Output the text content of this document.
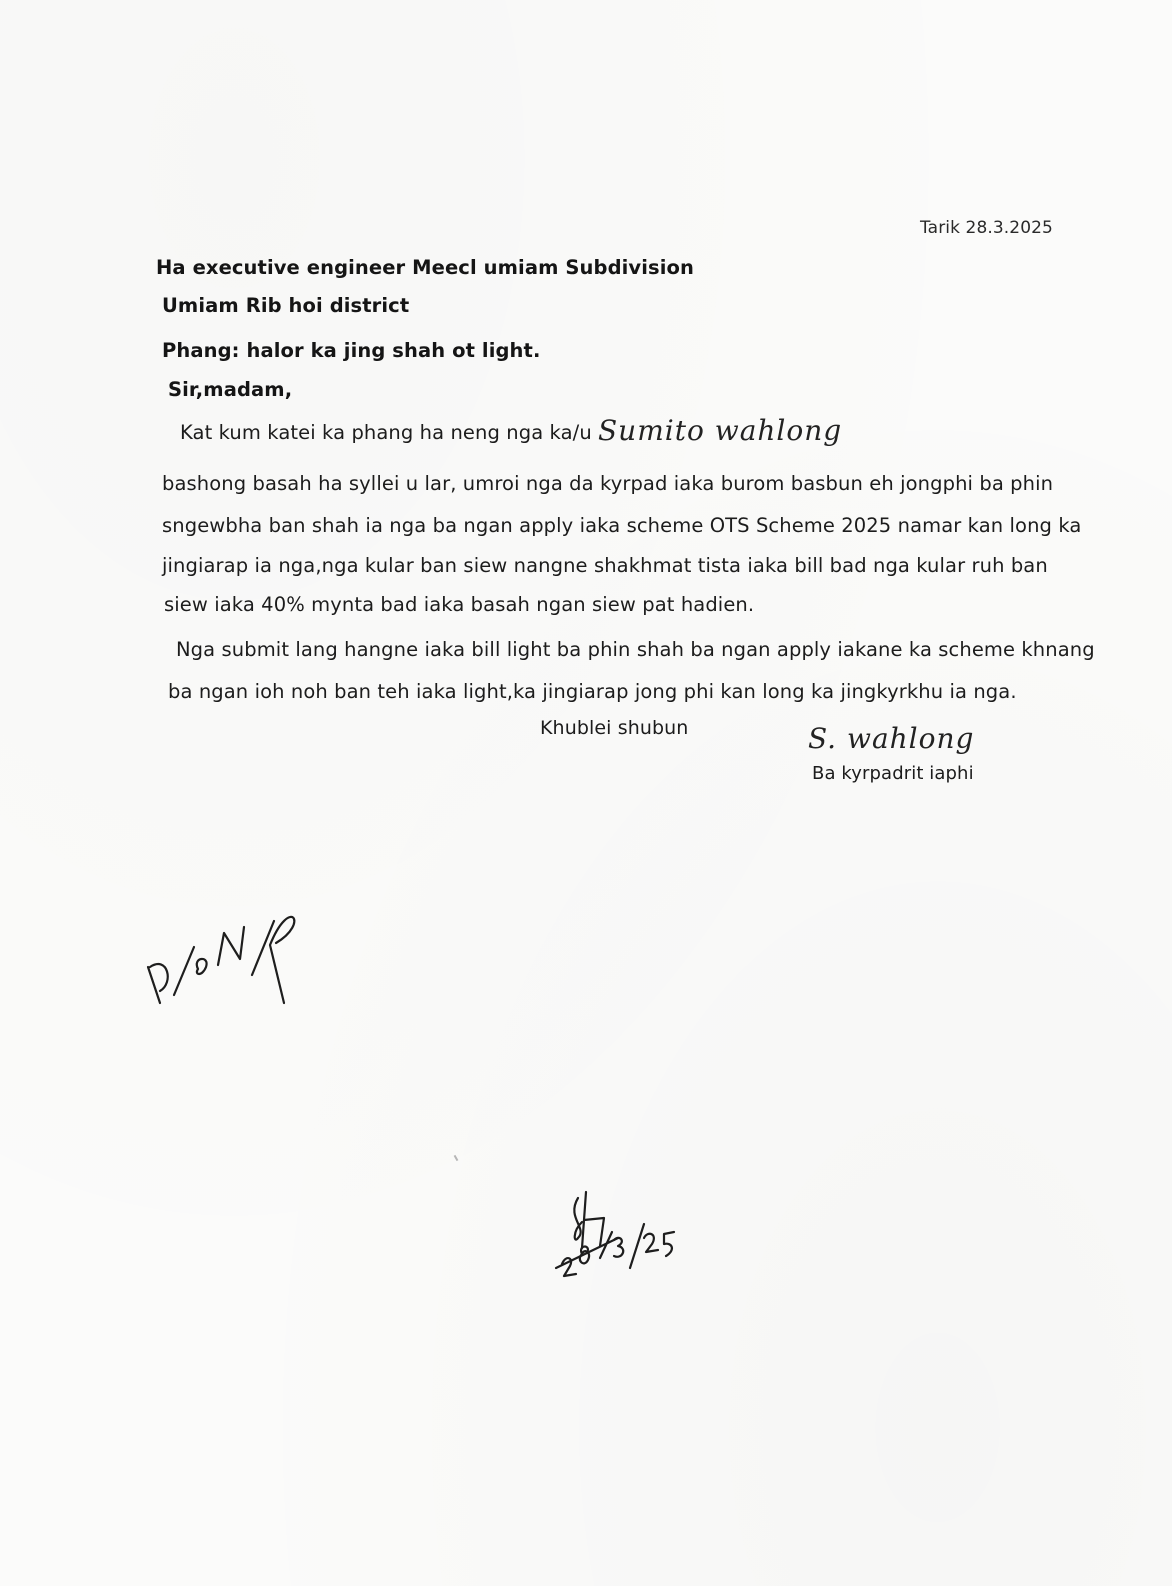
Tarik 28.3.2025
Ha executive engineer Meecl umiam Subdivision
Umiam Rib hoi district
Phang: halor ka jing shah ot light.
Sir,madam,
Kat kum katei ka phang ha neng nga ka/u Sumito wahlong
bashong basah ha syllei u lar, umroi nga da kyrpad iaka burom basbun eh jongphi ba phin
sngewbha ban shah ia nga ba ngan apply iaka scheme OTS Scheme 2025 namar kan long ka
jingiarap ia nga,nga kular ban siew nangne shakhmat tista iaka bill bad nga kular ruh ban
siew iaka 40% mynta bad iaka basah ngan siew pat hadien.
Nga submit lang hangne iaka bill light ba phin shah ba ngan apply iakane ka scheme khnang
ba ngan ioh noh ban teh iaka light,ka jingiarap jong phi kan long ka jingkyrkhu ia nga.
Khublei shubun	S. wahlong
Ba kyrpadrit iaphi
